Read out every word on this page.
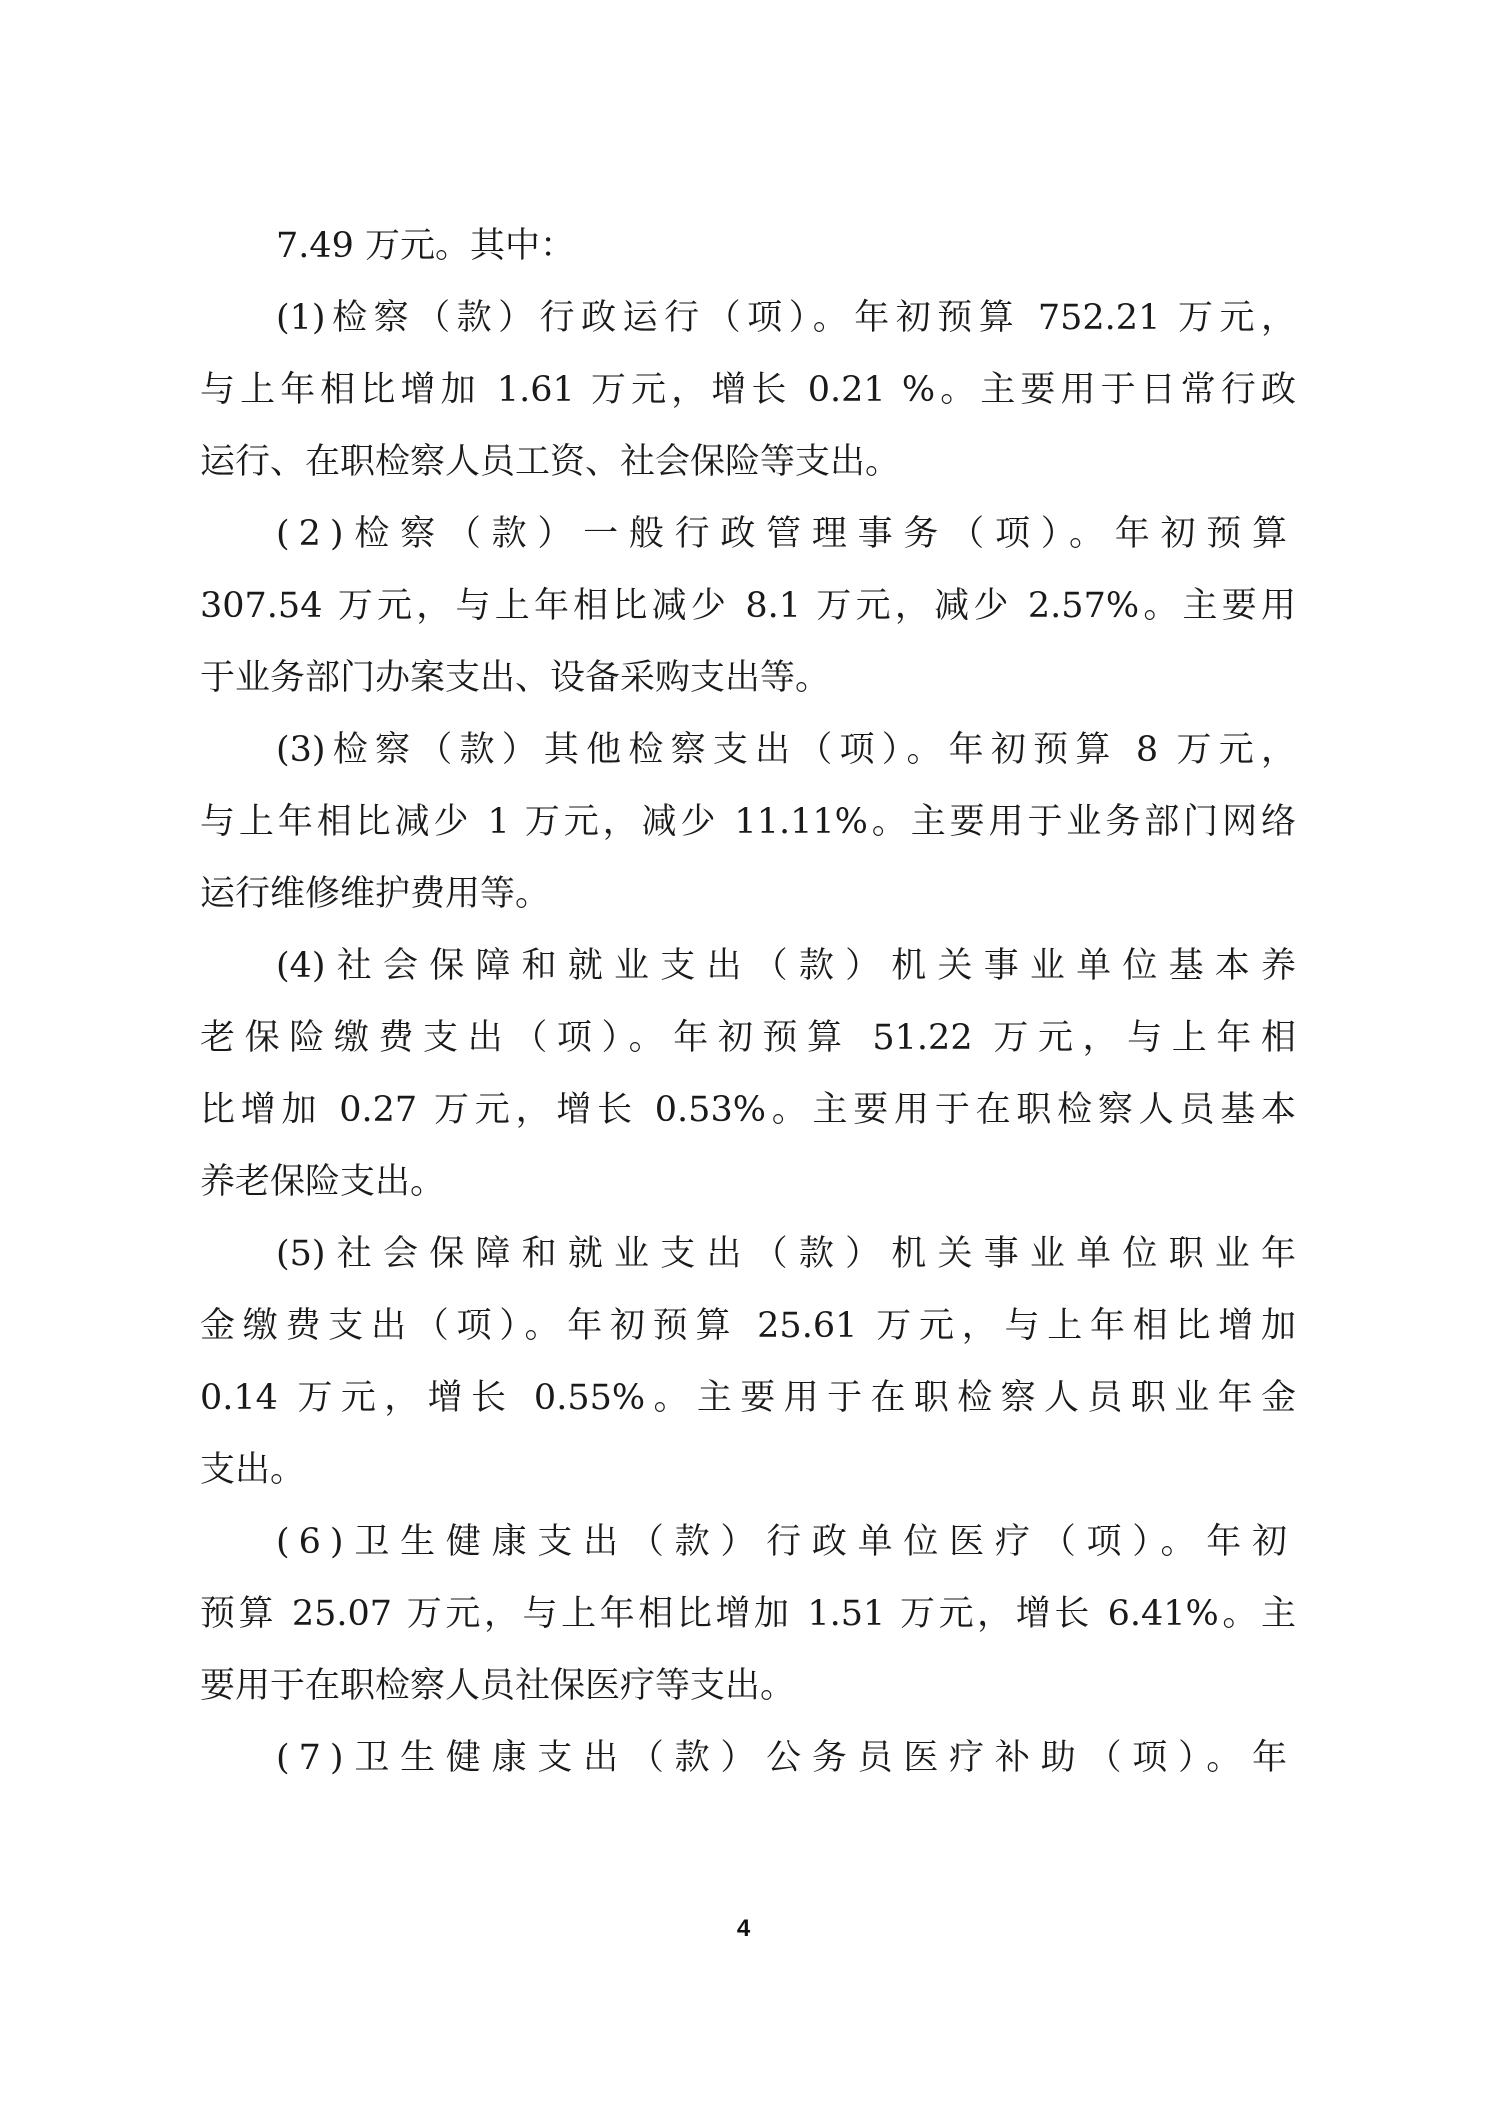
7.49 万元。其中：
(1)检察（款）行政运行（项）。年初预算 752.21 万元，
与上年相比增加 1.61 万元，增长 0.21 %。主要用于日常行政
运行、在职检察人员工资、社会保险等支出。
(2)检察（款）一般行政管理事务（项）。年初预算
307.54 万元，与上年相比减少 8.1 万元，减少 2.57%。主要用
于业务部门办案支出、设备采购支出等。
(3)检察（款）其他检察支出（项）。年初预算 8 万元，
与上年相比减少 1 万元，减少 11.11%。主要用于业务部门网络
运行维修维护费用等。
(4)社会保障和就业支出（款）机关事业单位基本养
老保险缴费支出（项）。年初预算 51.22 万元，与上年相
比增加 0.27 万元，增长 0.53%。主要用于在职检察人员基本
养老保险支出。
(5)社会保障和就业支出（款）机关事业单位职业年
金缴费支出（项）。年初预算 25.61 万元，与上年相比增加
0.14 万元，增长 0.55%。主要用于在职检察人员职业年金
支出。
(6)卫生健康支出（款）行政单位医疗（项）。年初
预算 25.07 万元，与上年相比增加 1.51 万元，增长 6.41%。主
要用于在职检察人员社保医疗等支出。
(7)卫生健康支出（款）公务员医疗补助（项）。年
4
